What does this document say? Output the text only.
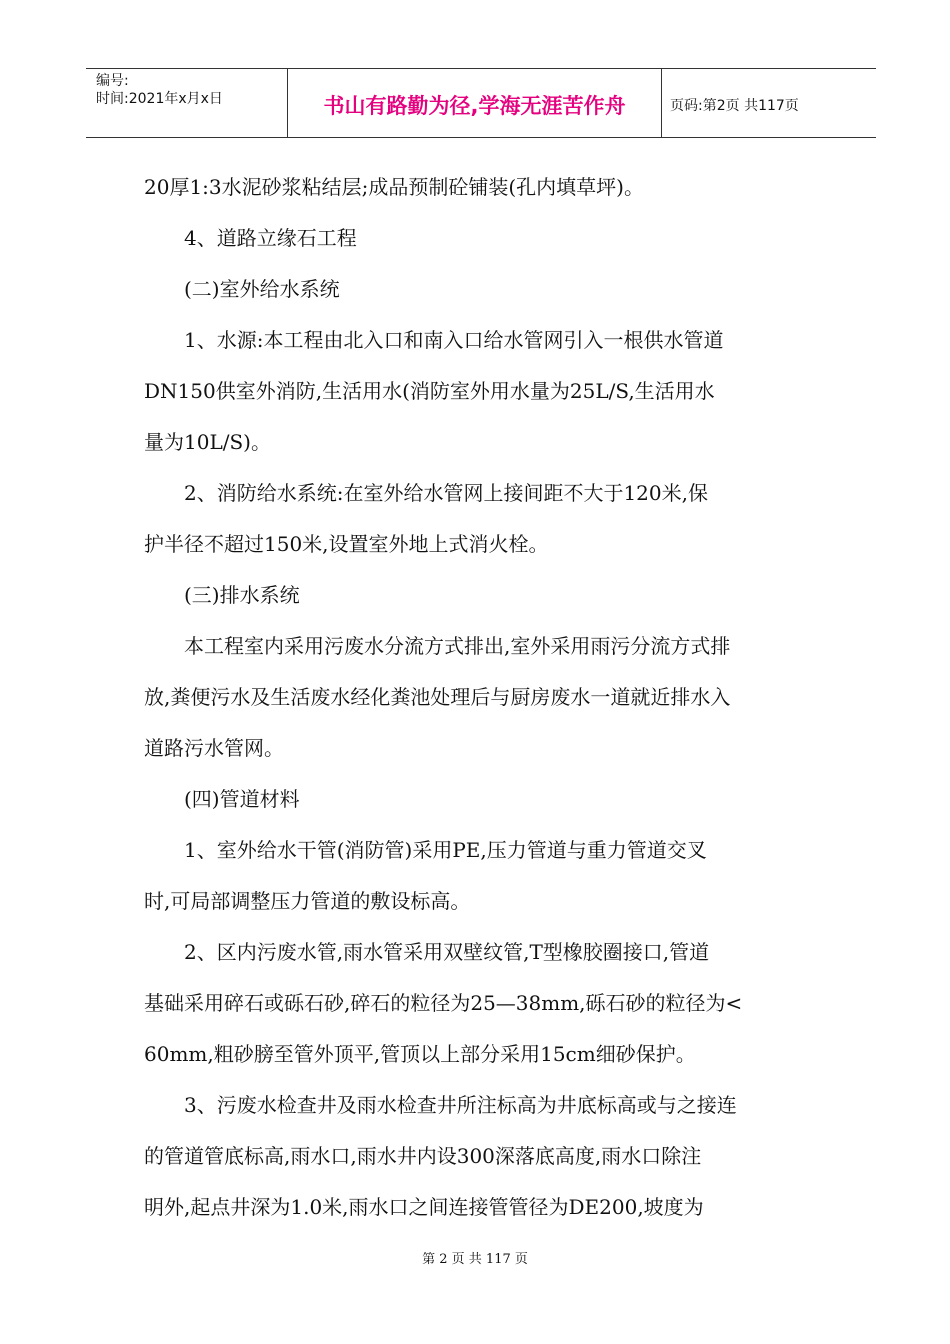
编号:
时间:2021年x月x日	书山有路勤为径,学海无涯苦作舟	页码:第2页 共117页
20厚1:3水泥砂浆粘结层;成品预制砼铺装(孔内填草坪)。
4、道路立缘石工程
(二)室外给水系统
1、水源:本工程由北入口和南入口给水管网引入一根供水管道
DN150供室外消防,生活用水(消防室外用水量为25L/S,生活用水
量为10L/S)。
2、消防给水系统:在室外给水管网上接间距不大于120米,保
护半径不超过150米,设置室外地上式消火栓。
(三)排水系统
本工程室内采用污废水分流方式排出,室外采用雨污分流方式排
放,粪便污水及生活废水经化粪池处理后与厨房废水一道就近排水入
道路污水管网。
(四)管道材料
1、室外给水干管(消防管)采用PE,压力管道与重力管道交叉
时,可局部调整压力管道的敷设标高。
2、区内污废水管,雨水管采用双壁纹管,T型橡胶圈接口,管道
基础采用碎石或砾石砂,碎石的粒径为25—38mm,砾石砂的粒径为<
60mm,粗砂膀至管外顶平,管顶以上部分采用15cm细砂保护。
3、污废水检查井及雨水检查井所注标高为井底标高或与之接连
的管道管底标高,雨水口,雨水井内设300深落底高度,雨水口除注
明外,起点井深为1.0米,雨水口之间连接管管径为DE200,坡度为
第 2 页 共 117 页
